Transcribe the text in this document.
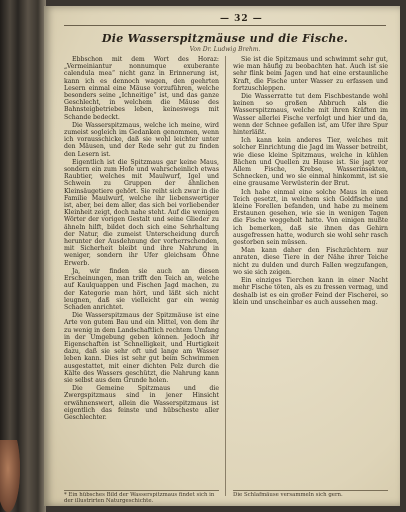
— 32 —
Die Wasserspitzmäuse und die Fische.
Von Dr. Ludwig Brehm.

Ebbschon mit dem Wort des Horaz: „Vermeiniantur nonnumque exuberante calendula mea“ nicht ganz in Erinnerung ist, kann ich es dennoch wagen, den geehrten Lesern einmal eine Mäuse vorzuführen, welche besonders seine „Ichneitige“ ist, und das ganze Geschlecht, in welchem die Mäuse des Bahnsteigbetriebes leben, keineswegs mit Schande bedeckt.

Die Wasserspitzmaus, welche ich meine, wird zumeist sogleich im Gedanken genommen, wenn ich vorausschicke, daß sie wohl leichter unter den Mäusen, und der Rede sehr gut zu finden den Lesern ist.

Eigentlich ist die Spitzmaus gar keine Maus, sondern ein zum Hofe und wahrscheinlich etwas Raubtier, welches mit Maulwurf, Igel und Schwein zu Gruppen der ähnlichen Kleinsäugetiere gehört. Sie reiht sich zwar in die Familie Maulwurf, welche ihr liebenswertiger ist, aber, bei dem aller, das sich bei vorliebender Kleinheit zeigt, doch nahe steht. Auf die wenigen Wörter der vorigen Gestalt und seine Glieder zu ähneln hilft, bildet doch sich eine Sehrhaltung der Natur, die zumeist Unterscheidung durch herunter der Ausdehnung der vorherrschenden, mit Sicherheit bleibt und ihre Nahrung in weniger, sondern ihr Ufer gleichsam Ohne Erwerb.

Ja, wir finden sie auch an diesen Erscheinungen, man trifft den Teich an, welche auf Kaulquappen und Fischen Jagd machen, zu der Kategorie man hört, und läßt sich nicht leugnen, daß sie vielleicht gar ein wenig Schaden anrichtet.

Die Wasserspitzmaus der Spitzmäuse ist eine Arte von gutem Bau und ein Mittel, von dem ihr zu wenig in dem Landschaftlich rechtem Umfang in der Umgebung geben können. Jedoch ihr Eigenschaften ist Schnelligkeit, und Hurtigkeit dazu, daß sie sehr oft und lange am Wasser leben kann. Dies ist sehr gut beim Schwimmen ausgestattet, mit einer dichten Pelz durch die Kälte des Wassers geschützt, die Nahrung kann sie selbst aus dem Grunde holen.

Die Gemeine Spitzmaus und die Zwergspitzmaus sind in jener Hinsicht erwähnenswert, allein die Wasserspitzmaus ist eigentlich das feinste und hübscheste aller Geschlechter.

Sie ist die Spitzmaus und schwimmt sehr gut, wie man häufig zu beobachten hat. Auch ist sie sehr flink beim Jagen und hat eine erstaunliche Kraft, die Fische unter Wasser zu erfassen und fortzuschleppen.

Die Wasserratte tut dem Fischbestande wohl keinen so großen Abbruch als die Wasserspitzmaus, welche mit ihren Kräften im Wasser allerlei Fische verfolgt und hier und da, wenn der Schnee gefallen ist, am Ufer ihre Spur hinterläßt.

Ich kann kein anderes Tier, welches mit solcher Einrichtung die Jagd im Wasser betreibt, wie diese kleine Spitzmaus, welche in kühlen Bächen und Quellen zu Hause ist. Sie jagt vor Allem Fische, Krebse, Wasserinsekten, Schnecken, und wo sie einmal hinkommt, ist sie eine grausame Verwüsterin der Brut.

Ich habe einmal eine solche Maus in einen Teich gesetzt, in welchem sich Goldfische und kleine Forellen befanden, und habe zu meinem Erstaunen gesehen, wie sie in wenigen Tagen die Fische weggeholt hatte. Von einigen mußte ich bemerken, daß sie ihnen das Gehirn ausgefressen hatte, wodurch sie wohl sehr rasch gestorben sein müssen.

Man kann daher den Fischzüchtern nur anraten, diese Tiere in der Nähe ihrer Teiche nicht zu dulden und durch Fallen wegzufangen, wo sie sich zeigen.

Ein einziges Tierchen kann in einer Nacht mehr Fische töten, als es zu fressen vermag, und deshalb ist es ein großer Feind der Fischerei, so klein und unscheinbar es auch aussehen mag.

* Ein hübsches Bild der Wasserspitzmaus findet sich in der illustrirten Naturgeschichte.
Die Schlafmäuse versammeln sich gern.
